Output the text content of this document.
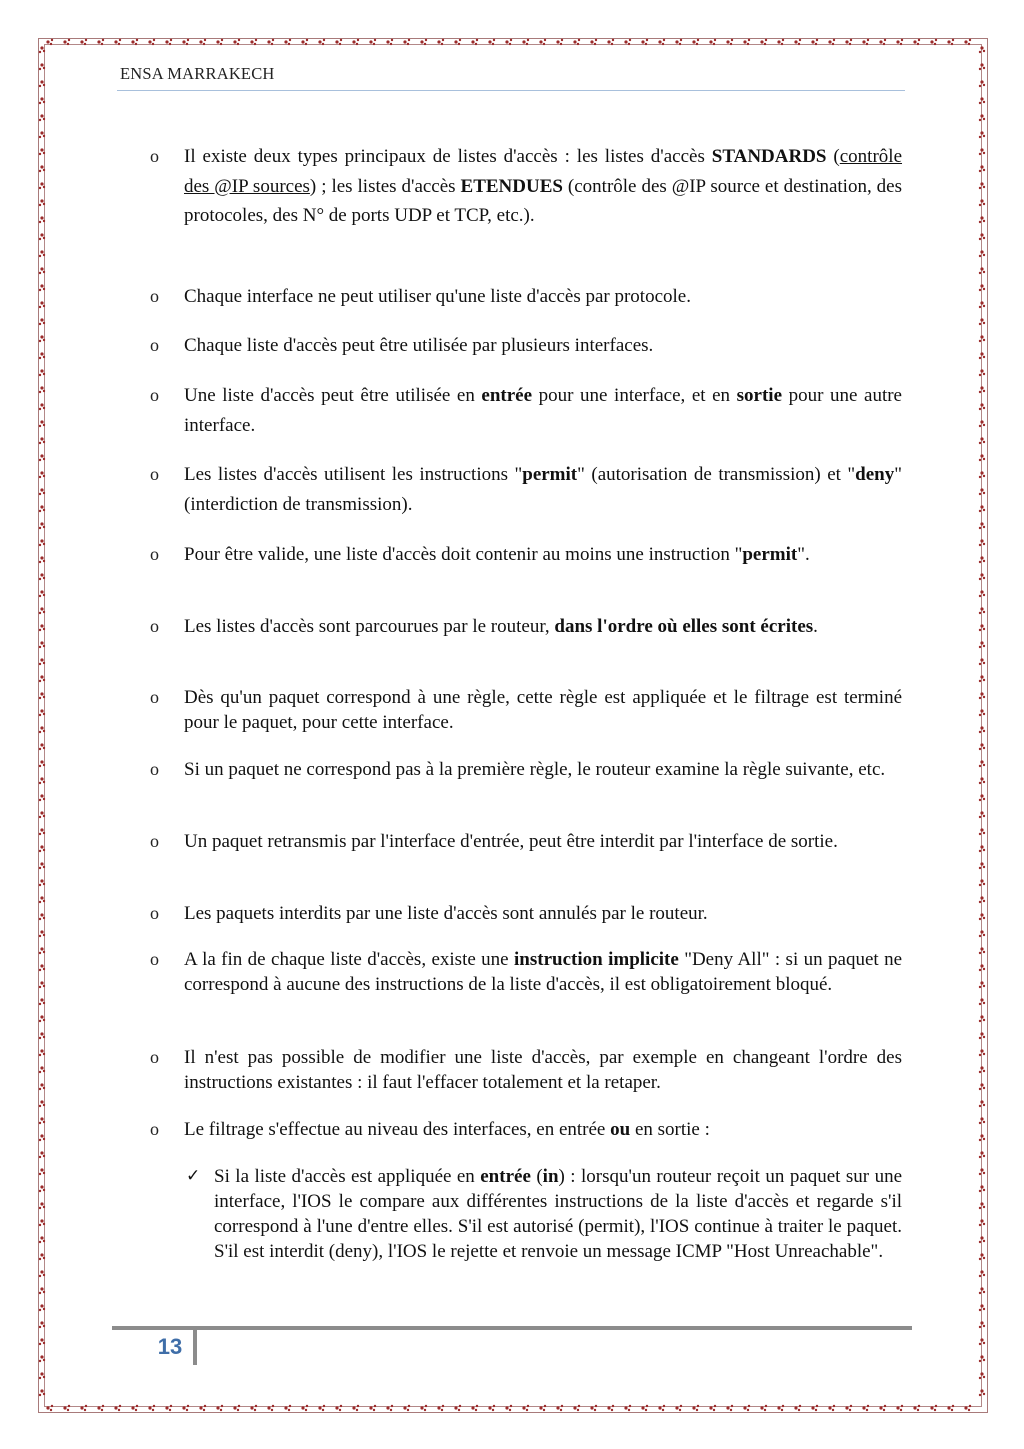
ENSA MARRAKECH
o Il existe deux types principaux de listes d'accès : les listes d'accès STANDARDS (contrôle des @IP sources) ; les listes d'accès ETENDUES (contrôle des @IP source et destination, des protocoles, des N° de ports UDP et TCP, etc.).
o Chaque interface ne peut utiliser qu'une liste d'accès par protocole.
o Chaque liste d'accès peut être utilisée par plusieurs interfaces.
o Une liste d'accès peut être utilisée en entrée pour une interface, et en sortie pour une autre interface.
o Les listes d'accès utilisent les instructions "permit" (autorisation de transmission) et "deny" (interdiction de transmission).
o Pour être valide, une liste d'accès doit contenir au moins une instruction "permit".
o Les listes d'accès sont parcourues par le routeur, dans l'ordre où elles sont écrites.
o Dès qu'un paquet correspond à une règle, cette règle est appliquée et le filtrage est terminé pour le paquet, pour cette interface.
o Si un paquet ne correspond pas à la première règle, le routeur examine la règle suivante, etc.
o Un paquet retransmis par l'interface d'entrée, peut être interdit par l'interface de sortie.
o Les paquets interdits par une liste d'accès sont annulés par le routeur.
o A la fin de chaque liste d'accès, existe une instruction implicite "Deny All" : si un paquet ne correspond à aucune des instructions de la liste d'accès, il est obligatoirement bloqué.
o Il n'est pas possible de modifier une liste d'accès, par exemple en changeant l'ordre des instructions existantes : il faut l'effacer totalement et la retaper.
o Le filtrage s'effectue au niveau des interfaces, en entrée ou en sortie :
✓ Si la liste d'accès est appliquée en entrée (in) : lorsqu'un routeur reçoit un paquet sur une interface, l'IOS le compare aux différentes instructions de la liste d'accès et regarde s'il correspond à l'une d'entre elles. S'il est autorisé (permit), l'IOS continue à traiter le paquet. S'il est interdit (deny), l'IOS le rejette et renvoie un message ICMP "Host Unreachable".
13
